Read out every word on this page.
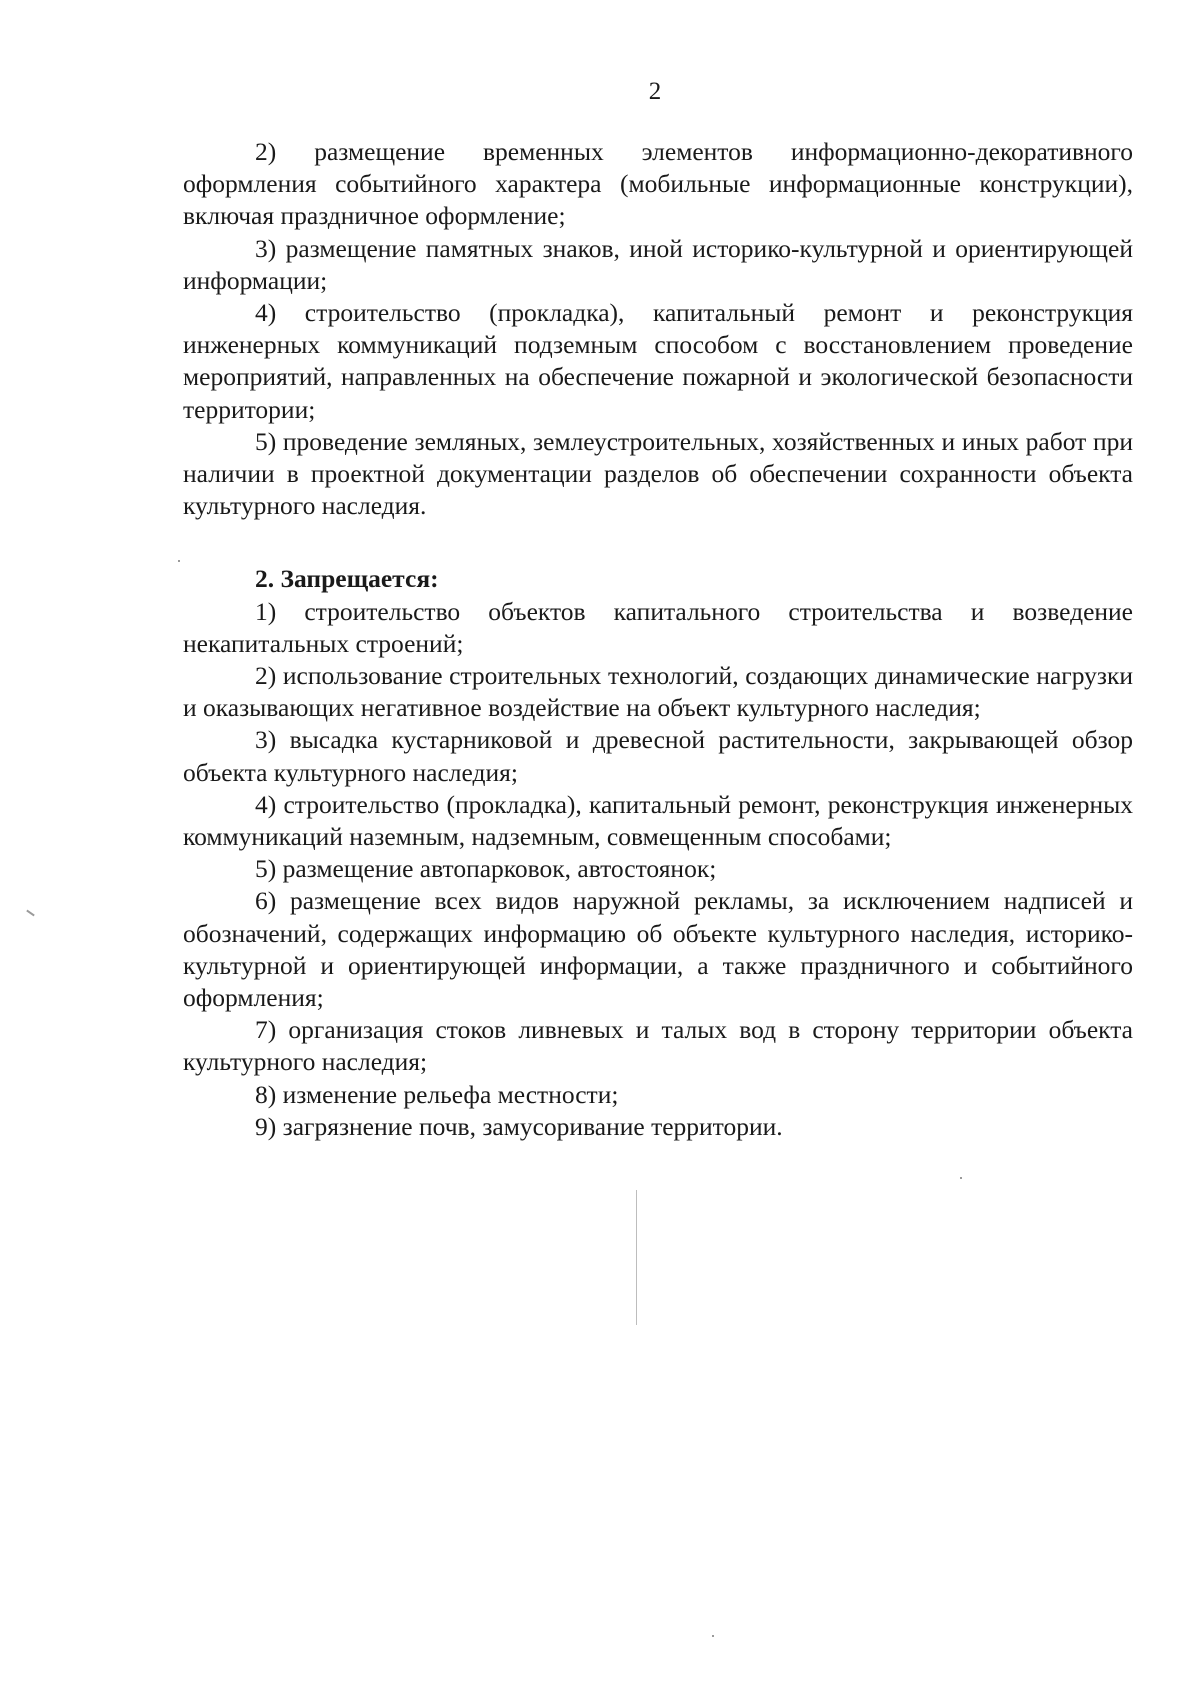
2

2) размещение временных элементов информационно-декоративного оформления событийного характера (мобильные информационные конструкции), включая праздничное оформление;

3) размещение памятных знаков, иной историко-культурной и ориентирующей информации;

4) строительство (прокладка), капитальный ремонт и реконструкция инженерных коммуникаций подземным способом с восстановлением проведение мероприятий, направленных на обеспечение пожарной и экологической безопасности территории;

5) проведение земляных, землеустроительных, хозяйственных и иных работ при наличии в проектной документации разделов об обеспечении сохранности объекта культурного наследия.

2. Запрещается:

1) строительство объектов капитального строительства и возведение некапитальных строений;

2) использование строительных технологий, создающих динамические нагрузки и оказывающих негативное воздействие на объект культурного наследия;

3) высадка кустарниковой и древесной растительности, закрывающей обзор объекта культурного наследия;

4) строительство (прокладка), капитальный ремонт, реконструкция инженерных коммуникаций наземным, надземным, совмещенным способами;

5) размещение автопарковок, автостоянок;

6) размещение всех видов наружной рекламы, за исключением надписей и обозначений, содержащих информацию об объекте культурного наследия, историко-культурной и ориентирующей информации, а также праздничного и событийного оформления;

7) организация стоков ливневых и талых вод в сторону территории объекта культурного наследия;

8) изменение рельефа местности;

9) загрязнение почв, замусоривание территории.
